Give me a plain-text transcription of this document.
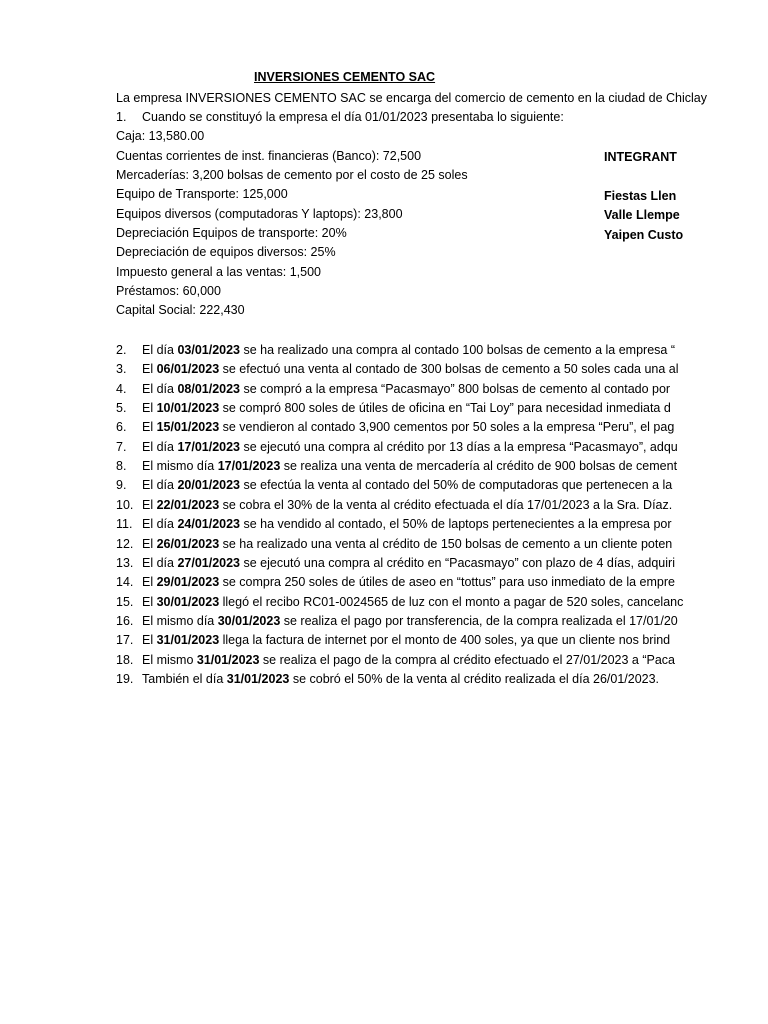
INVERSIONES CEMENTO SAC
La empresa INVERSIONES CEMENTO SAC se encarga del comercio de cemento en la ciudad de Chiclay
1. Cuando se constituyó la empresa el día 01/01/2023 presentaba lo siguiente:
Caja: 13,580.00
Cuentas corrientes de inst. financieras (Banco): 72,500
Mercaderías: 3,200 bolsas de cemento por el costo de 25 soles
Equipo de Transporte: 125,000
Equipos diversos (computadoras Y laptops): 23,800
Depreciación Equipos de transporte: 20%
Depreciación de equipos diversos: 25%
Impuesto general a las ventas: 1,500
Préstamos: 60,000
Capital Social: 222,430
INTEGRANT
Fiestas Llen
Valle Llempe
Yaipen Custo
2. El día 03/01/2023 se ha realizado una compra al contado 100 bolsas de cemento a la empresa “
3. El 06/01/2023 se efectuó una venta al contado de 300 bolsas de cemento a 50 soles cada una al
4. El día 08/01/2023 se compró a la empresa “Pacasmayo” 800 bolsas de cemento al contado por
5. El 10/01/2023 se compró 800 soles de útiles de oficina en “Tai Loy” para necesidad inmediata d
6. El 15/01/2023 se vendieron al contado 3,900 cementos por 50 soles a la empresa “Peru”, el pag
7. El día 17/01/2023 se ejecutó una compra al crédito por 13 días a la empresa “Pacasmayo”, adqu
8. El mismo día 17/01/2023 se realiza una venta de mercadería al crédito de 900 bolsas de cement
9. El día 20/01/2023 se efectúa la venta al contado del 50% de computadoras que pertenecen a la
10. El 22/01/2023 se cobra el 30% de la venta al crédito efectuada el día 17/01/2023 a la Sra. Díaz.
11. El día 24/01/2023 se ha vendido al contado, el 50% de laptops pertenecientes a la empresa por
12. El 26/01/2023 se ha realizado una venta al crédito de 150 bolsas de cemento a un cliente poten
13. El día 27/01/2023 se ejecutó una compra al crédito en “Pacasmayo” con plazo de 4 días, adquiri
14. El 29/01/2023 se compra 250 soles de útiles de aseo en “tottus” para uso inmediato de la empre
15. El 30/01/2023 llegó el recibo RC01-0024565 de luz con el monto a pagar de 520 soles, cancelanc
16. El mismo día 30/01/2023 se realiza el pago por transferencia, de la compra realizada el 17/01/20
17. El 31/01/2023 llega la factura de internet por el monto de 400 soles, ya que un cliente nos brind
18. El mismo 31/01/2023 se realiza el pago de la compra al crédito efectuado el 27/01/2023 a “Paca
19. También el día 31/01/2023 se cobró el 50% de la venta al crédito realizada el día 26/01/2023.
